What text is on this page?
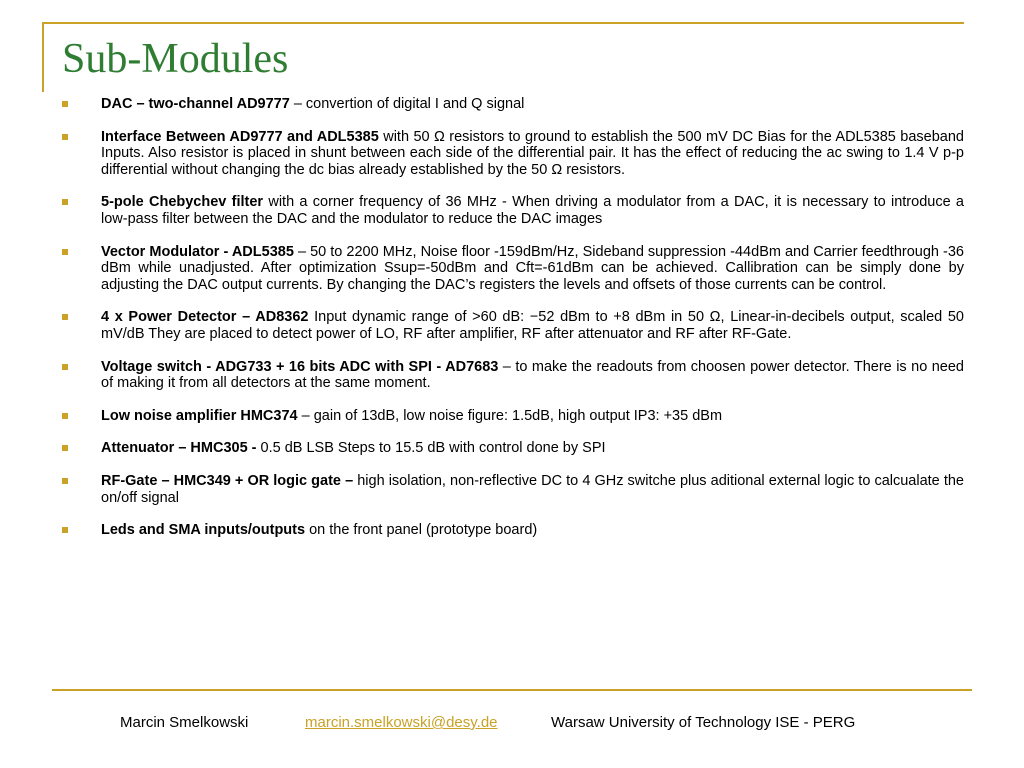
Sub-Modules
DAC – two-channel AD9777 – convertion of digital I and Q signal
Interface Between AD9777 and ADL5385 with 50 Ω resistors to ground to establish the 500 mV DC Bias for the ADL5385 baseband Inputs. Also resistor is placed in shunt between each side of the differential pair. It has the effect of reducing the ac swing to 1.4 V p-p differential without changing the dc bias already established by the 50 Ω resistors.
5-pole Chebychev filter with a corner frequency of 36 MHz - When driving a modulator from a DAC, it is necessary to introduce a low-pass filter between the DAC and the modulator to reduce the DAC images
Vector Modulator - ADL5385 – 50 to 2200 MHz, Noise floor -159dBm/Hz, Sideband suppression -44dBm and Carrier feedthrough -36 dBm while unadjusted. After optimization Ssup=-50dBm and Cft=-61dBm can be achieved. Callibration can be simply done by adjusting the DAC output currents. By changing the DAC’s registers the levels and offsets of those currents can be control.
4 x Power Detector – AD8362 Input dynamic range of >60 dB: −52 dBm to +8 dBm in 50 Ω, Linear-in-decibels output, scaled 50 mV/dB They are placed to detect power of LO, RF after amplifier, RF after attenuator and RF after RF-Gate.
Voltage switch - ADG733 + 16 bits ADC with SPI - AD7683 – to make the readouts from choosen power detector. There is no need of making it from all detectors at the same moment.
Low noise amplifier HMC374 – gain of 13dB, low noise figure: 1.5dB, high output IP3: +35 dBm
Attenuator – HMC305 - 0.5 dB LSB Steps to 15.5 dB with control done by SPI
RF-Gate – HMC349 + OR logic gate – high isolation, non-reflective DC to 4 GHz switche plus aditional external logic to calcualate the on/off signal
Leds and SMA inputs/outputs on the front panel (prototype board)
Marcin Smelkowski	marcin.smelkowski@desy.de	Warsaw University of Technology ISE - PERG
